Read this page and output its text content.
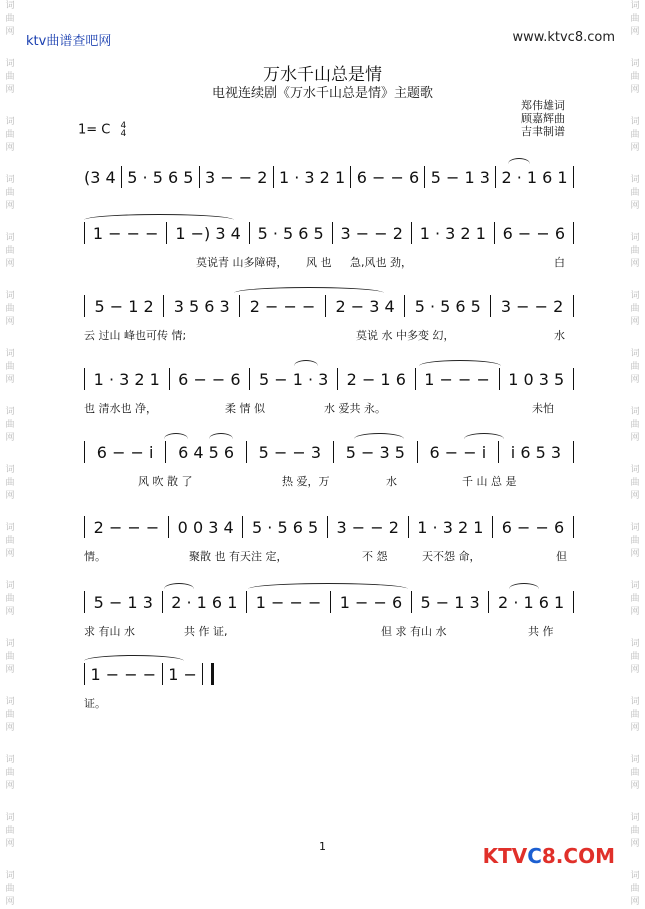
词
曲
网
词
曲
网
词
曲
网
词
曲
网
词
曲
网
词
曲
网
词
曲
网
词
曲
网
词
曲
网
词
曲
网
词
曲
网
词
曲
网
词
曲
网
词
曲
网
词
曲
网
词
曲
网
词
曲
网
词
曲
网
词
曲
网
词
曲
网
词
曲
网
词
曲
网
词
曲
网
词
曲
网
词
曲
网
词
曲
网
词
曲
网
词
曲
网
词
曲
网
词
曲
网
词
曲
网
词
曲
网
ktv曲谱查吧网	www.ktvc8.com
万水千山总是情
电视连续剧《万水千山总是情》主题歌
郑伟雄词
顾嘉辉曲
吉聿制谱
1= C 4
4
(3 4 5 · 5 6 5 3 − − 2 1 · 3 2 1 6 − − 6 5 − 1 3 2 · 1 6 1
1 − − − 1 −) 3 4 5 · 5 6 5 3 − − 2 1 · 3 2 1 6 − − 6
莫说青 山多障碍， 风 也 急,风也 劲，	白
5 − 1 2 3 5 6 3 2 − − − 2 − 3 4 5 · 5 6 5 3 − − 2
云 过山 峰也可传 情;	莫说 水 中多变 幻，	水
1 · 3 2 1 6 − − 6 5 − 1 · 3 2 − 1 6 1 − − − 1 0 3 5
也 清水也 净，	柔 情 似	水 爱共 永。	未怕
6 − − i 6 4 5 6 5 − − 3 5 − 3 5 6 − − i i 6 5 3
风 吹 散 了	热 爱，万	水	千 山 总 是
2 − − − 0 0 3 4 5 · 5 6 5 3 − − 2 1 · 3 2 1 6 − − 6
情。	聚散 也 有天注 定，	不 怨	天不怨 命，	但
5 − 1 3 2 · 1 6 1 1 − − − 1 − − 6 5 − 1 3 2 · 1 6 1
求 有山 水	共 作 证,	但 求 有山 水	共 作
1 − − − 1 −
证。
1	KTVC8.COM
